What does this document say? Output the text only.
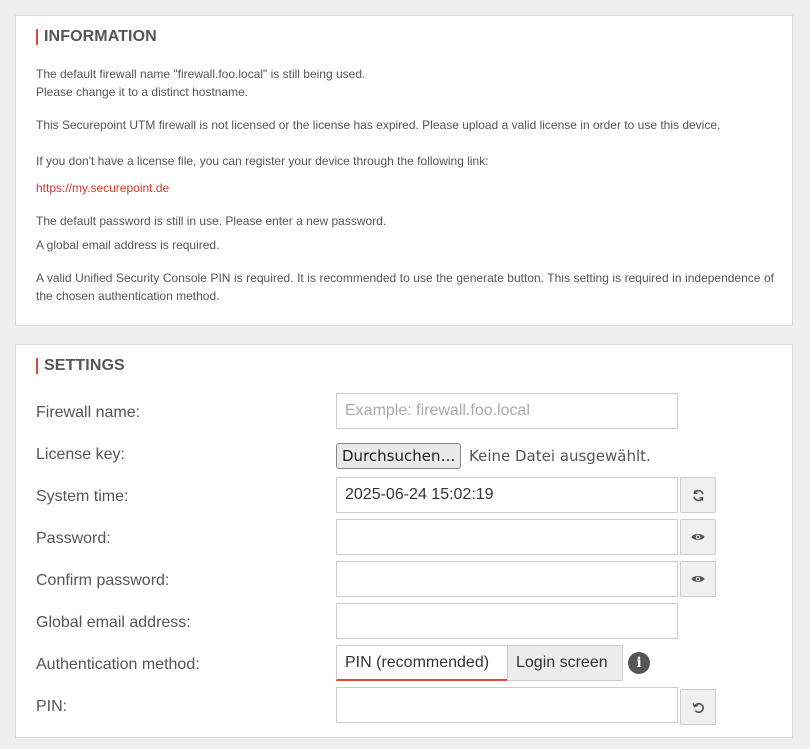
INFORMATION
The default firewall name "firewall.foo.local" is still being used.
Please change it to a distinct hostname.
This Securepoint UTM firewall is not licensed or the license has expired. Please upload a valid license in order to use this device.
If you don't have a license file, you can register your device through the following link:
https://my.securepoint.de
The default password is still in use. Please enter a new password.
A global email address is required.
A valid Unified Security Console PIN is required. It is recommended to use the generate button. This setting is required in independence of the chosen authentication method.
SETTINGS
Firewall name:
Example: firewall.foo.local
License key:	Durchsuchen… Keine Datei ausgewählt.
System time:
2025-06-24 15:02:19
Password:
Confirm password:
Global email address:
Authentication method:	PIN (recommended)	Login screen	i
PIN:
